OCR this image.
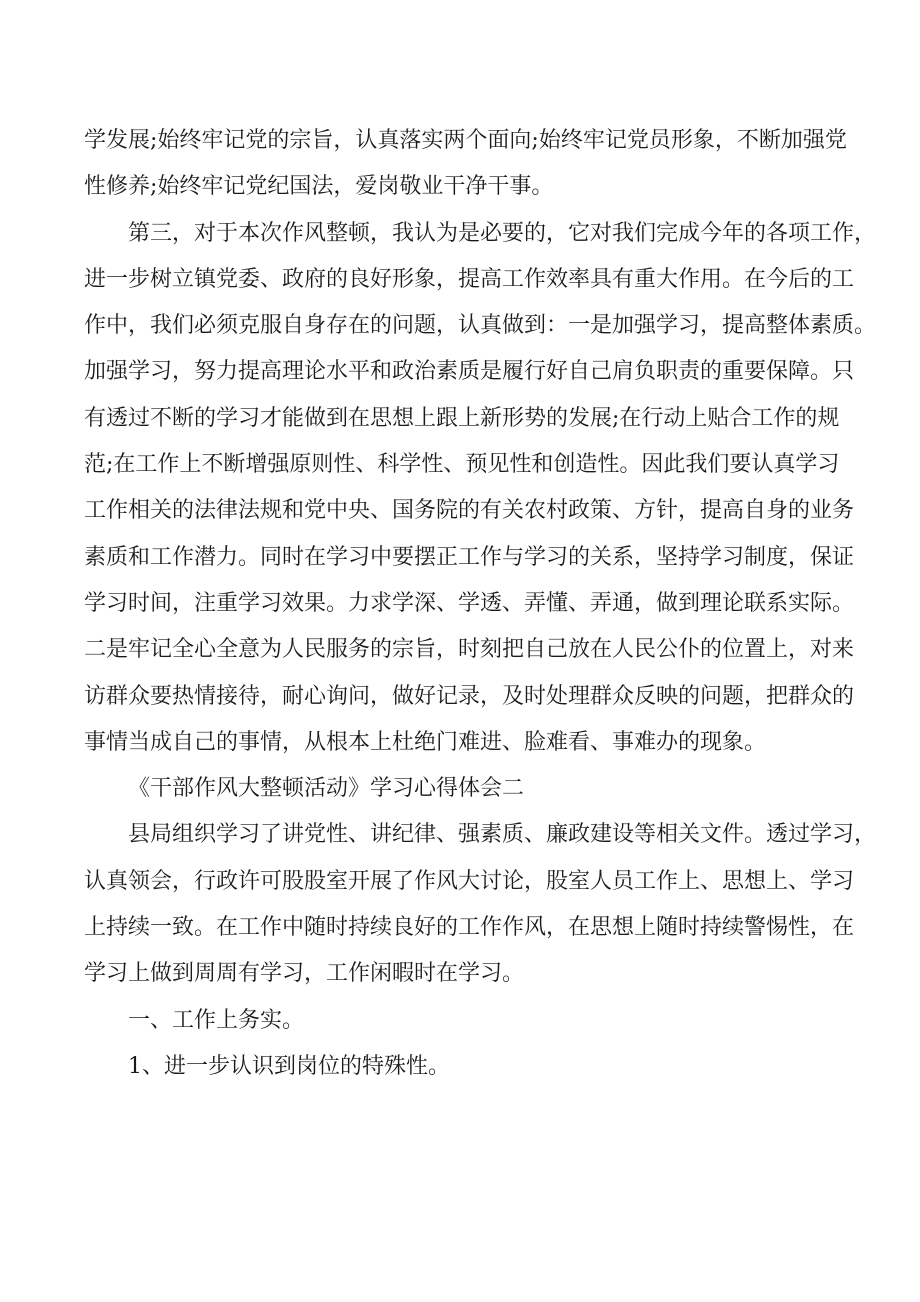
学发展;始终牢记党的宗旨，认真落实两个面向;始终牢记党员形象，不断加强党

性修养;始终牢记党纪国法，爱岗敬业干净干事。

第三，对于本次作风整顿，我认为是必要的，它对我们完成今年的各项工作，

进一步树立镇党委、政府的良好形象，提高工作效率具有重大作用。在今后的工

作中，我们必须克服自身存在的问题，认真做到：一是加强学习，提高整体素质。

加强学习，努力提高理论水平和政治素质是履行好自己肩负职责的重要保障。只

有透过不断的学习才能做到在思想上跟上新形势的发展;在行动上贴合工作的规

范;在工作上不断增强原则性、科学性、预见性和创造性。因此我们要认真学习

工作相关的法律法规和党中央、国务院的有关农村政策、方针，提高自身的业务

素质和工作潜力。同时在学习中要摆正工作与学习的关系，坚持学习制度，保证

学习时间，注重学习效果。力求学深、学透、弄懂、弄通，做到理论联系实际。

二是牢记全心全意为人民服务的宗旨，时刻把自己放在人民公仆的位置上，对来

访群众要热情接待，耐心询问，做好记录，及时处理群众反映的问题，把群众的

事情当成自己的事情，从根本上杜绝门难进、脸难看、事难办的现象。

《干部作风大整顿活动》学习心得体会二

县局组织学习了讲党性、讲纪律、强素质、廉政建设等相关文件。透过学习，

认真领会，行政许可股股室开展了作风大讨论，股室人员工作上、思想上、学习

上持续一致。在工作中随时持续良好的工作作风，在思想上随时持续警惕性，在

学习上做到周周有学习，工作闲暇时在学习。

一、工作上务实。

1、进一步认识到岗位的特殊性。
